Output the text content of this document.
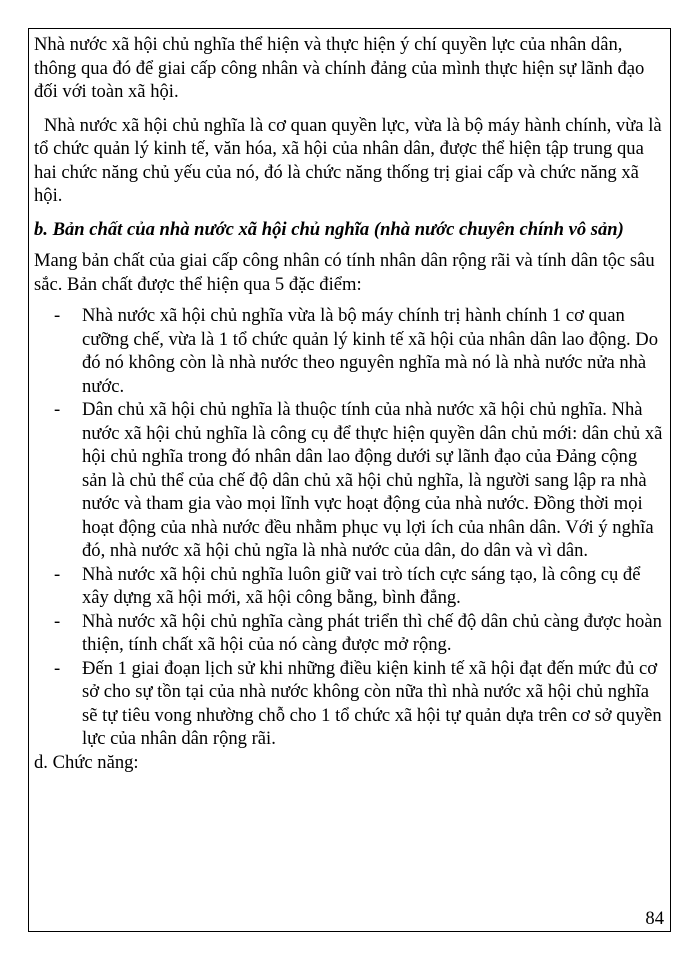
Nhà nước xã hội chủ nghĩa thể hiện và thực hiện ý chí quyền lực của nhân dân, thông qua đó để giai cấp công nhân và chính đảng của mình thực hiện sự lãnh đạo đối với toàn xã hội.

Nhà nước xã hội chủ nghĩa là cơ quan quyền lực, vừa là bộ máy hành chính, vừa là tổ chức quản lý kinh tế, văn hóa, xã hội của nhân dân, được thể hiện tập trung qua hai chức năng chủ yếu của nó, đó là chức năng thống trị giai cấp và chức năng xã hội.

b. Bản chất của nhà nước xã hội chủ nghĩa (nhà nước chuyên chính vô sản)

Mang bản chất của giai cấp công nhân có tính nhân dân rộng rãi và tính dân tộc sâu sắc. Bản chất được thể hiện qua 5 đặc điểm:

- Nhà nước xã hội chủ nghĩa vừa là bộ máy chính trị hành chính 1 cơ quan cưỡng chế, vừa là 1 tổ chức quản lý kinh tế xã hội của nhân dân lao động. Do đó nó không còn là nhà nước theo nguyên nghĩa mà nó là nhà nước nửa nhà nước.
- Dân chủ xã hội chủ nghĩa là thuộc tính của nhà nước xã hội chủ nghĩa. Nhà nước xã hội chủ nghĩa là công cụ để thực hiện quyền dân chủ mới: dân chủ xã hội chủ nghĩa trong đó nhân dân lao động dưới sự lãnh đạo của Đảng cộng sản là chủ thể của chế độ dân chủ xã hội chủ nghĩa, là người sang lập ra nhà nước và tham gia vào mọi lĩnh vực hoạt động của nhà nước. Đồng thời mọi hoạt động của nhà nước đều nhằm phục vụ lợi ích của nhân dân. Với ý nghĩa đó, nhà nước xã hội chủ ngĩa là nhà nước của dân, do dân và vì dân.
- Nhà nước xã hội chủ nghĩa luôn giữ vai trò tích cực sáng tạo, là công cụ để xây dựng xã hội mới, xã hội công bằng, bình đẳng.
- Nhà nước xã hội chủ nghĩa càng phát triển thì chế độ dân chủ càng được hoàn thiện, tính chất xã hội của nó càng được mở rộng.
- Đến 1 giai đoạn lịch sử khi những điều kiện kinh tế xã hội đạt đến mức đủ cơ sở cho sự tồn tại của nhà nước không còn nữa thì nhà nước xã hội chủ nghĩa sẽ tự tiêu vong nhường chỗ cho 1 tổ chức xã hội tự quản dựa trên cơ sở quyền lực của nhân dân rộng rãi.

d. Chức năng:

84
